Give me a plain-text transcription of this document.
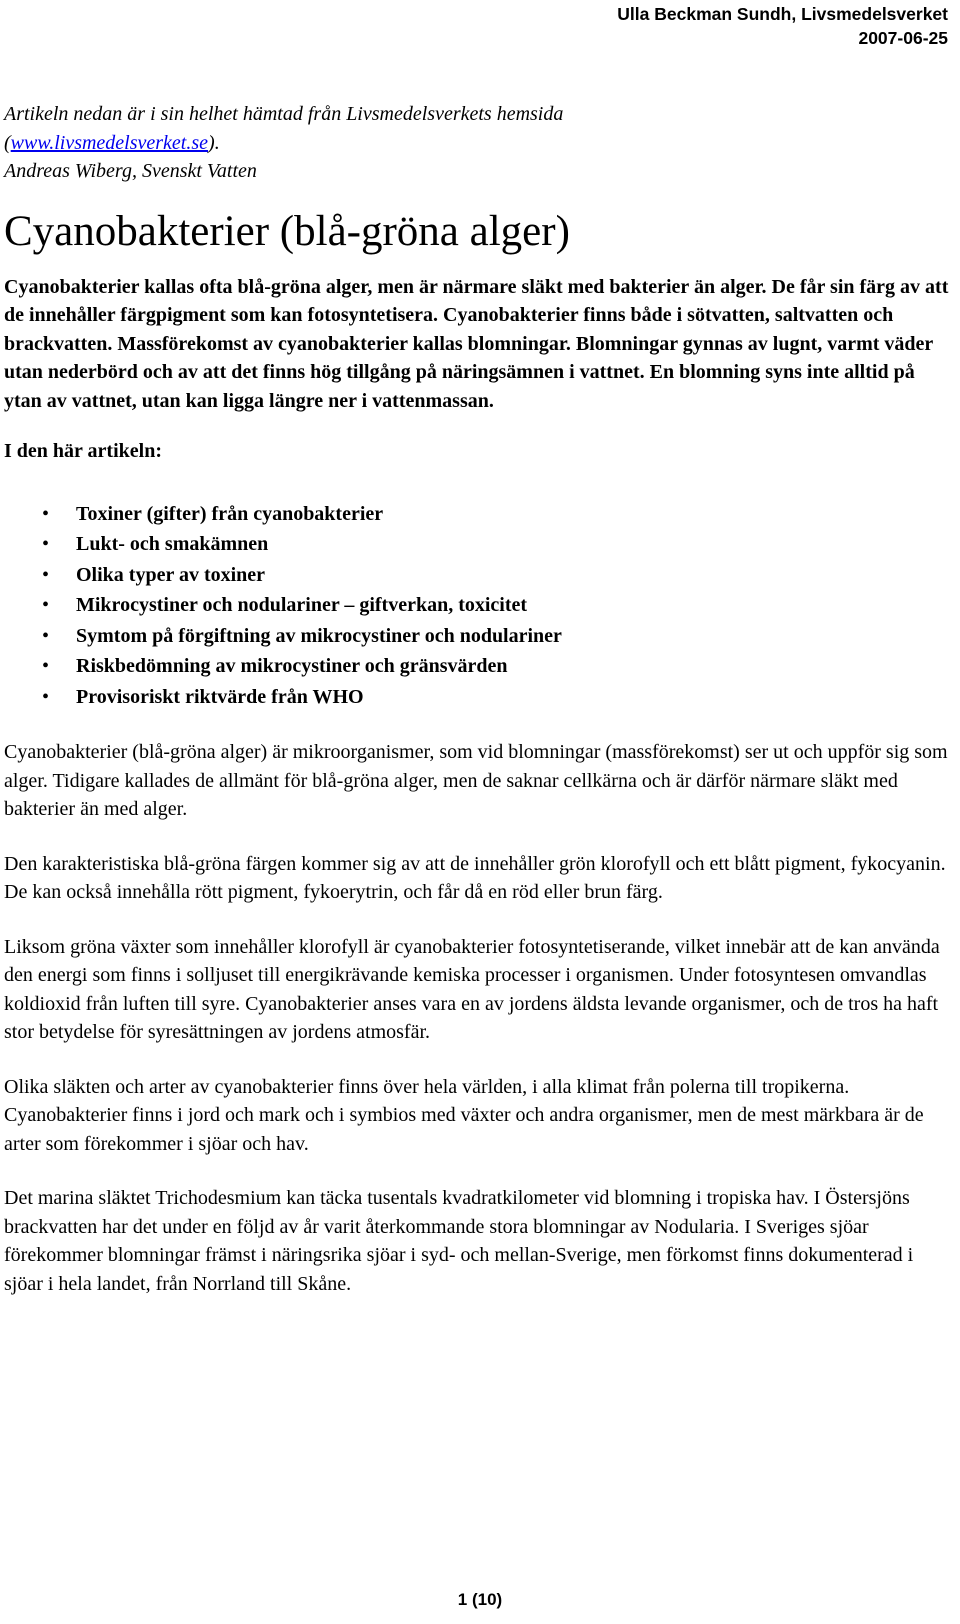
Ulla Beckman Sundh, Livsmedelsverket
2007-06-25
Artikeln nedan är i sin helhet hämtad från Livsmedelsverkets hemsida
(www.livsmedelsverket.se).
Andreas Wiberg, Svenskt Vatten
Cyanobakterier (blå-gröna alger)

Cyanobakterier kallas ofta blå-gröna alger, men är närmare släkt med bakterier än alger. De får sin färg av att de innehåller färgpigment som kan fotosyntetisera. Cyanobakterier finns både i sötvatten, saltvatten och brackvatten. Massförekomst av cyanobakterier kallas blomningar. Blomningar gynnas av lugnt, varmt väder utan nederbörd och av att det finns hög tillgång på näringsämnen i vattnet. En blomning syns inte alltid på ytan av vattnet, utan kan ligga längre ner i vattenmassan.

I den här artikeln:

• Toxiner (gifter) från cyanobakterier
• Lukt- och smakämnen
• Olika typer av toxiner
• Mikrocystiner och nodulariner – giftverkan, toxicitet
• Symtom på förgiftning av mikrocystiner och nodulariner
• Riskbedömning av mikrocystiner och gränsvärden
• Provisoriskt riktvärde från WHO

Cyanobakterier (blå-gröna alger) är mikroorganismer, som vid blomningar (massförekomst) ser ut och uppför sig som alger. Tidigare kallades de allmänt för blå-gröna alger, men de saknar cellkärna och är därför närmare släkt med bakterier än med alger.

Den karakteristiska blå-gröna färgen kommer sig av att de innehåller grön klorofyll och ett blått pigment, fykocyanin. De kan också innehålla rött pigment, fykoerytrin, och får då en röd eller brun färg.

Liksom gröna växter som innehåller klorofyll är cyanobakterier fotosyntetiserande, vilket innebär att de kan använda den energi som finns i solljuset till energikrävande kemiska processer i organismen. Under fotosyntesen omvandlas koldioxid från luften till syre. Cyanobakterier anses vara en av jordens äldsta levande organismer, och de tros ha haft stor betydelse för syresättningen av jordens atmosfär.

Olika släkten och arter av cyanobakterier finns över hela världen, i alla klimat från polerna till tropikerna. Cyanobakterier finns i jord och mark och i symbios med växter och andra organismer, men de mest märkbara är de arter som förekommer i sjöar och hav.

Det marina släktet Trichodesmium kan täcka tusentals kvadratkilometer vid blomning i tropiska hav. I Östersjöns brackvatten har det under en följd av år varit återkommande stora blomningar av Nodularia. I Sveriges sjöar förekommer blomningar främst i näringsrika sjöar i syd- och mellan-Sverige, men förkomst finns dokumenterad i sjöar i hela landet, från Norrland till Skåne.

1 (10)
